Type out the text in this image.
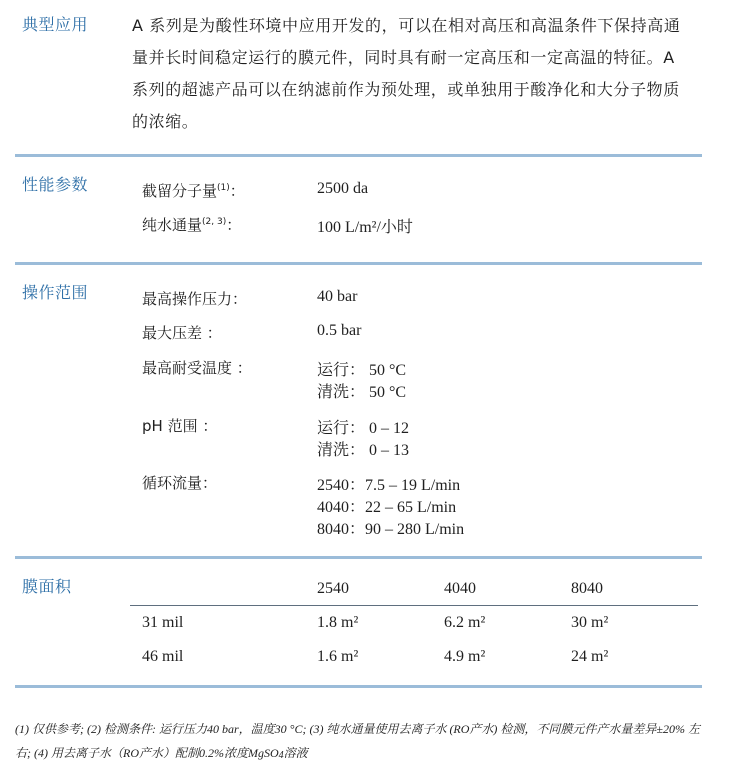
典型应用	A 系列是为酸性环境中应用开发的，可以在相对高压和高温条件下保持高通
量并长时间稳定运行的膜元件，同时具有耐一定高压和一定高温的特征。A
系列的超滤产品可以在纳滤前作为预处理，或单独用于酸净化和大分子物质
的浓缩。
性能参数	截留分子量$^{(1)}$：	2500 da
纯水通量$^{(2, 3)}$：	100 L/m²/小时
操作范围	最高操作压力：	40 bar
最大压差 ：	0.5 bar
最高耐受温度 ：	运行： 50 °C
清洗： 50 °C
pH 范围 ：	运行： 0 – 12
清洗： 0 – 13
循环流量：	2540：7.5 – 19 L/min
4040：22 – 65 L/min
8040：90 – 280 L/min
膜面积	2540	4040	8040
31 mil	1.8 m²	6.2 m²	30 m²
46 mil	1.6 m²	4.9 m²	24 m²
(1) 仅供参考; (2) 检测条件: 运行压力40 bar，温度30 °C; (3) 纯水通量使用去离子水 (RO产水) 检测，不同膜元件产水量差异±20% 左
右; (4) 用去离子水（RO产水）配制0.2%浓度MgSO4溶液
